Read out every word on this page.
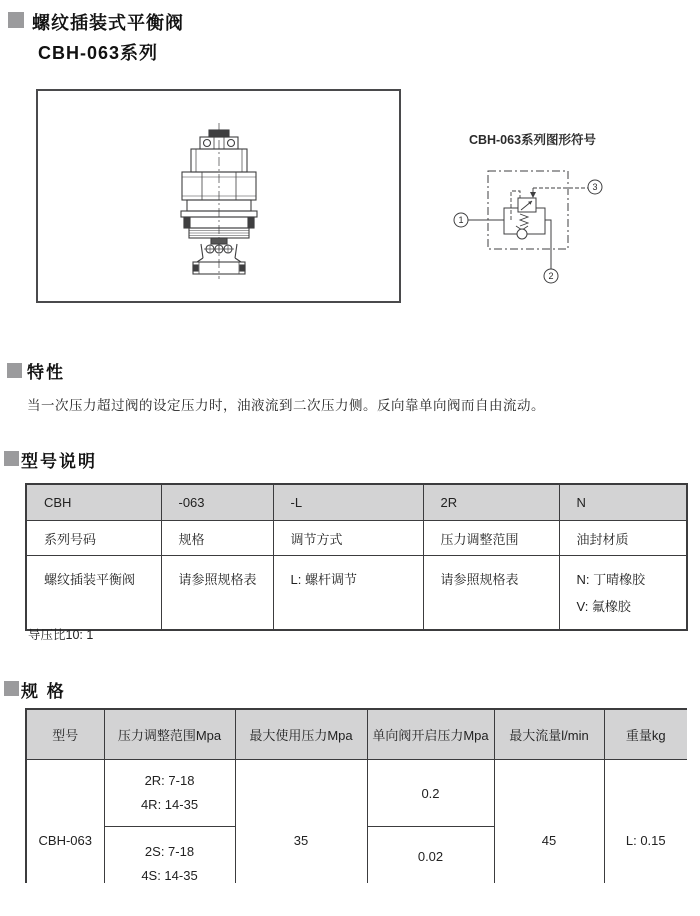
螺纹插装式平衡阀
CBH-063系列
CBH-063系列图形符号
1
2
3
特性
当一次压力超过阀的设定压力时，油液流到二次压力侧。反向靠单向阀而自由流动。
型号说明
CBH	-063	-L	2R	N
系列号码	规格	调节方式	压力调整范围	油封材质
螺纹插装平衡阀	请参照规格表	L: 螺杆调节	请参照规格表	N: 丁晴橡胶
V: 氟橡胶
导压比10: 1
规 格
型号	压力调整范围Mpa	最大使用压力Mpa	单向阀开启压力Mpa	最大流量l/min	重量kg
CBH-063	2R: 7-18
4R: 14-35	35	0.2	45	L: 0.15

	2S: 7-18
4S: 14-35		0.02		
